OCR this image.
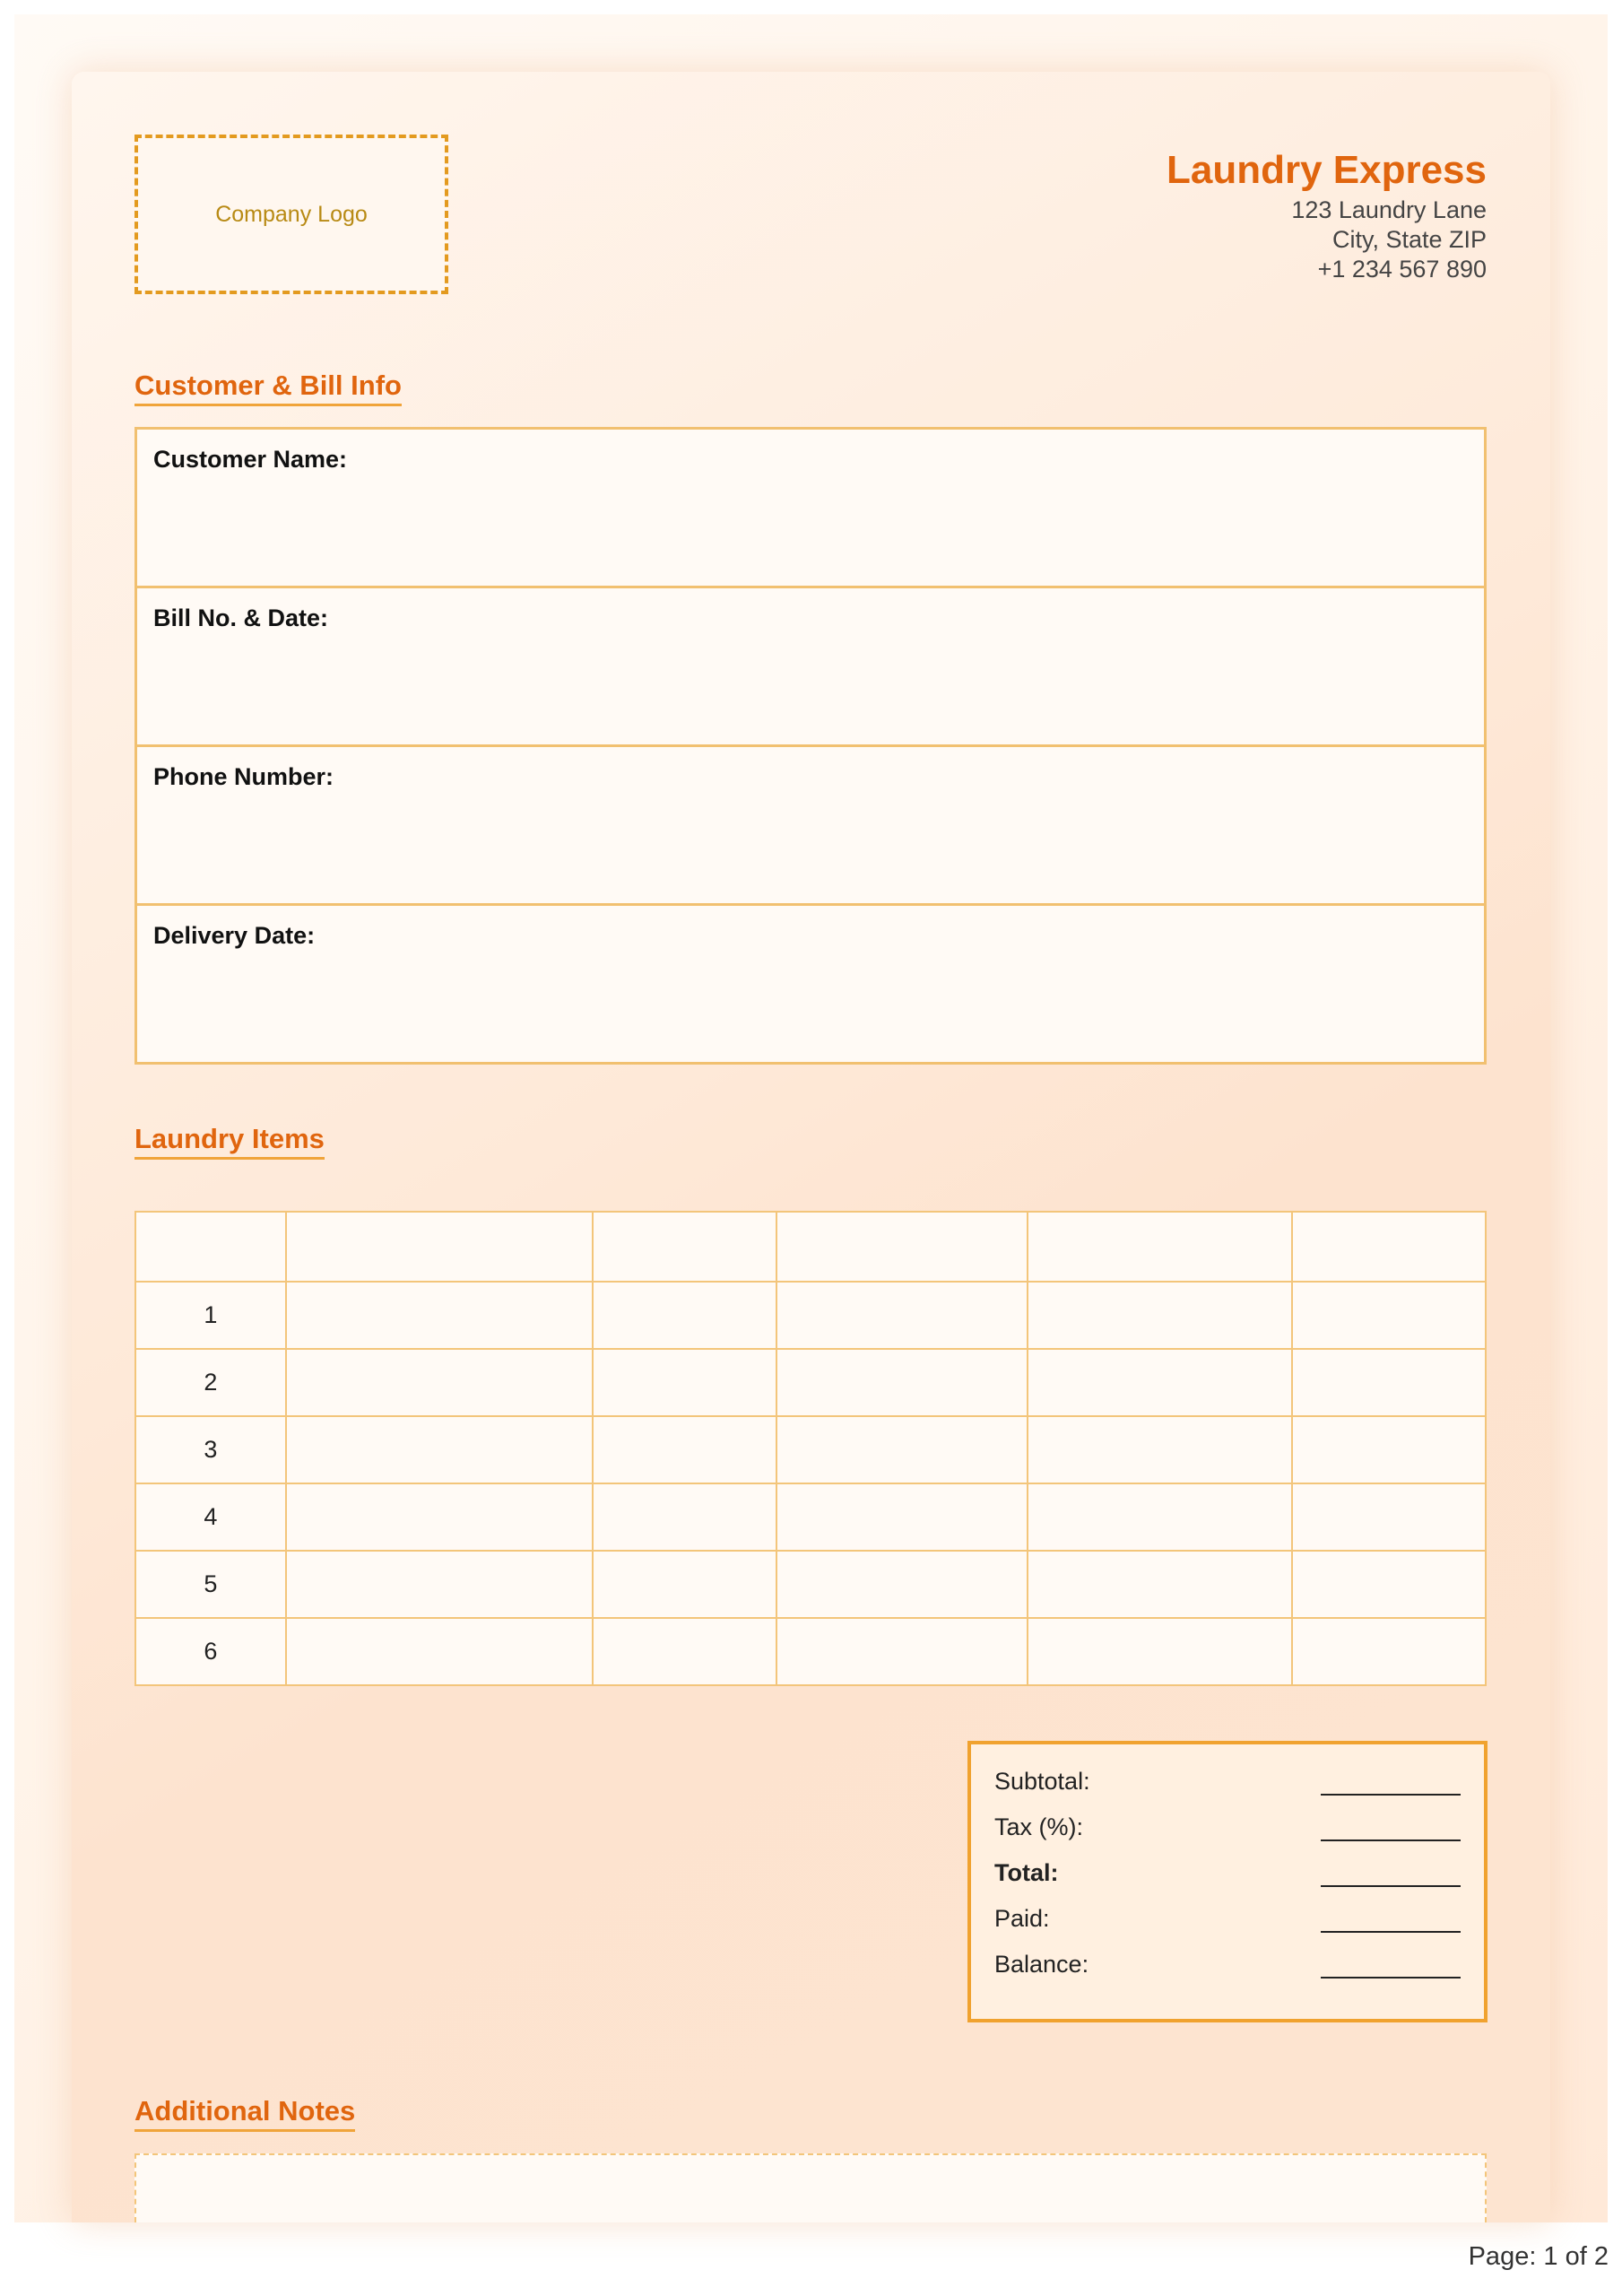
Company Logo
Laundry Express
123 Laundry Lane
City, State ZIP
+1 234 567 890
Customer & Bill Info
Customer Name:
Bill No. & Date:
Phone Number:
Delivery Date:
Laundry Items

1					
2					
3					
4					
5					
6					
Subtotal:
Tax (%):
Total:
Paid:
Balance:
Additional Notes
Page: 1 of 2
